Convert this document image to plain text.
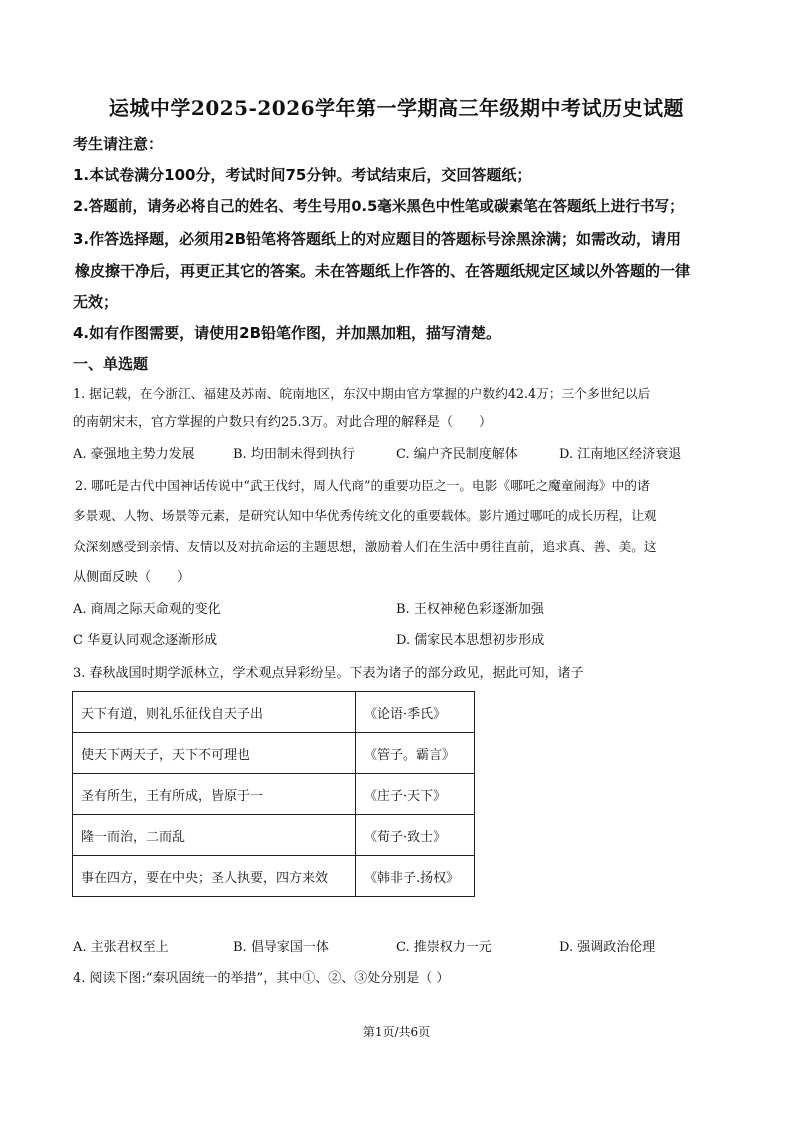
运城中学2025-2026学年第一学期高三年级期中考试历史试题
考生请注意：
1.本试卷满分100分，考试时间75分钟。考试结束后，交回答题纸；
2.答题前，请务必将自己的姓名、考生号用0.5毫米黑色中性笔或碳素笔在答题纸上进行书写；
3.作答选择题，必须用2B铅笔将答题纸上的对应题目的答题标号涂黑涂满；如需改动，请用
橡皮擦干净后，再更正其它的答案。未在答题纸上作答的、在答题纸规定区域以外答题的一律
无效；
4.如有作图需要，请使用2B铅笔作图，并加黑加粗，描写清楚。
一、单选题
1. 据记载，在今浙江、福建及苏南、皖南地区，东汉中期由官方掌握的户数约42.4万；三个多世纪以后
的南朝宋末，官方掌握的户数只有约25.3万。对此合理的解释是（　　）
A. 豪强地主势力发展	B. 均田制未得到执行	C. 编户齐民制度解体	D. 江南地区经济衰退
2. 哪吒是古代中国神话传说中“武王伐纣，周人代商”的重要功臣之一。电影《哪吒之魔童闹海》中的诸
多景观、人物、场景等元素，是研究认知中华优秀传统文化的重要载体。影片通过哪吒的成长历程，让观
众深刻感受到亲情、友情以及对抗命运的主题思想，激励着人们在生活中勇往直前，追求真、善、美。这
从侧面反映（　　）
A. 商周之际天命观的变化	B. 王权神秘色彩逐渐加强
C 华夏认同观念逐渐形成	D. 儒家民本思想初步形成
3. 春秋战国时期学派林立，学术观点异彩纷呈。下表为诸子的部分政见，据此可知，诸子
天下有道，则礼乐征伐自天子出	《论语·季氏》
使天下两天子，天下不可理也	《管子。霸言》
圣有所生，王有所成，皆原于一	《庄子·天下》
隆一而治，二而乱	《荀子·致士》
事在四方，要在中央；圣人执要，四方来效	《韩非子.扬权》
A. 主张君权至上	B. 倡导家国一体	C. 推崇权力一元	D. 强调政治伦理
4. 阅读下图:“秦巩固统一的举措”，其中①、②、③处分别是（ ）
第1页/共6页
